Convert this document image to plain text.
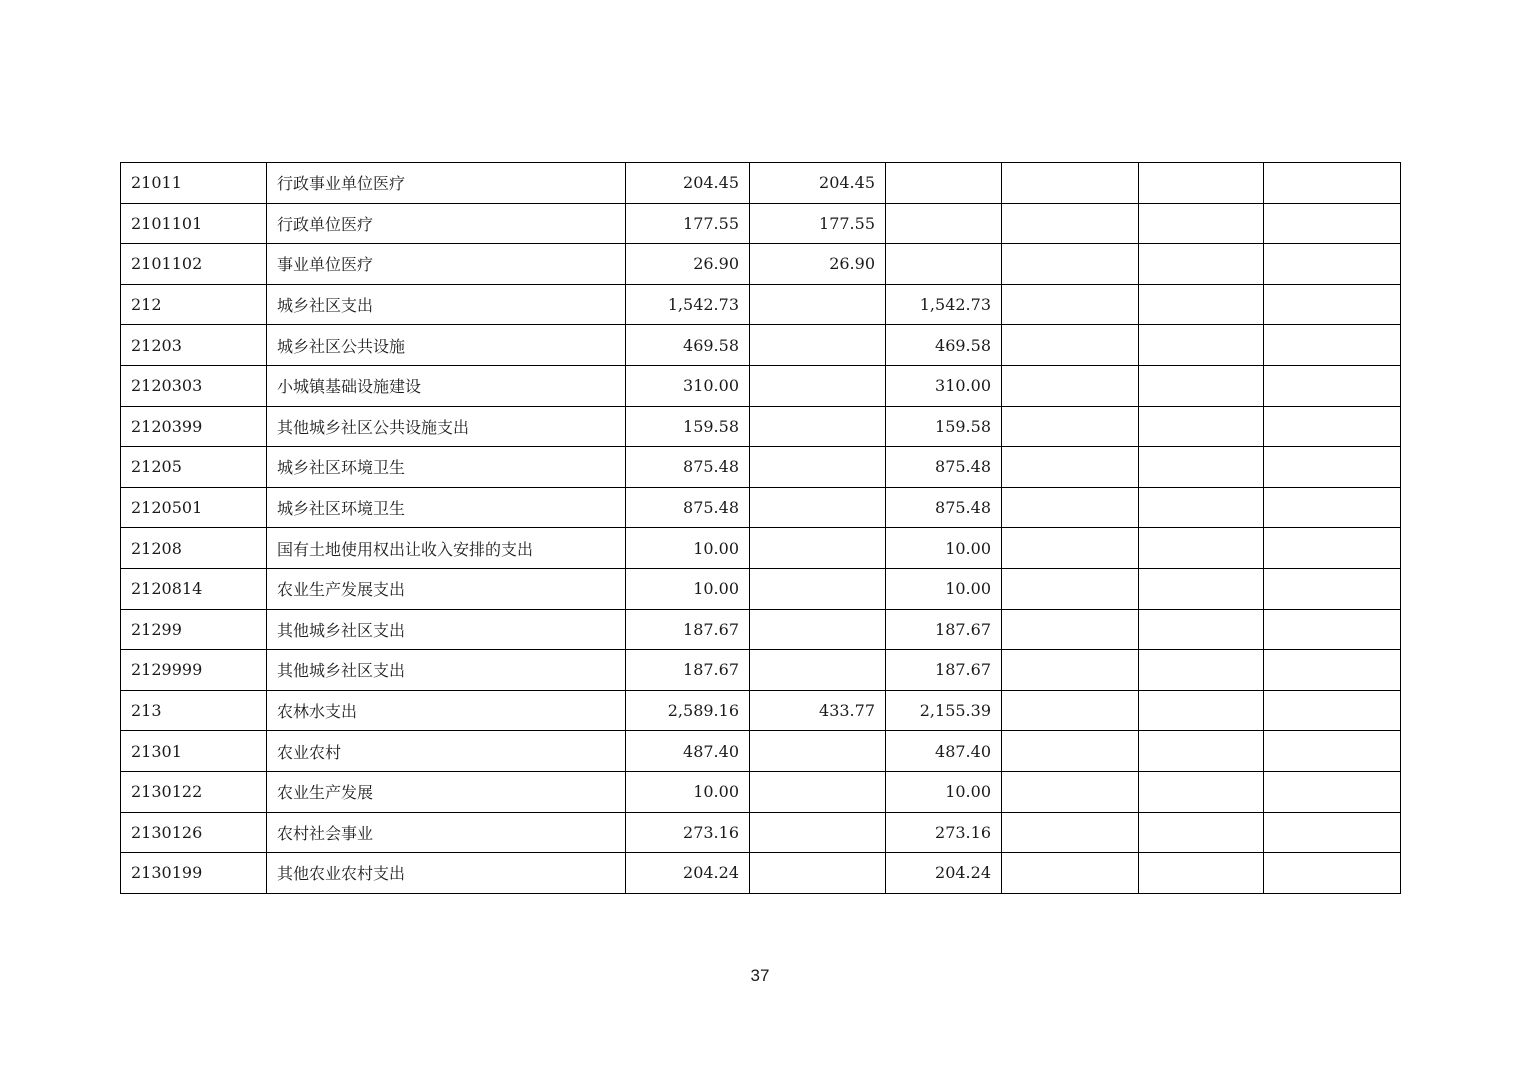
21011	行政事业单位医疗	204.45	204.45				
2101101	行政单位医疗	177.55	177.55				
2101102	事业单位医疗	26.90	26.90				
212	城乡社区支出	1,542.73		1,542.73			
21203	城乡社区公共设施	469.58		469.58			
2120303	小城镇基础设施建设	310.00		310.00			
2120399	其他城乡社区公共设施支出	159.58		159.58			
21205	城乡社区环境卫生	875.48		875.48			
2120501	城乡社区环境卫生	875.48		875.48			
21208	国有土地使用权出让收入安排的支出	10.00		10.00			
2120814	农业生产发展支出	10.00		10.00			
21299	其他城乡社区支出	187.67		187.67			
2129999	其他城乡社区支出	187.67		187.67			
213	农林水支出	2,589.16	433.77	2,155.39			
21301	农业农村	487.40		487.40			
2130122	农业生产发展	10.00		10.00			
2130126	农村社会事业	273.16		273.16			
2130199	其他农业农村支出	204.24		204.24			
37
